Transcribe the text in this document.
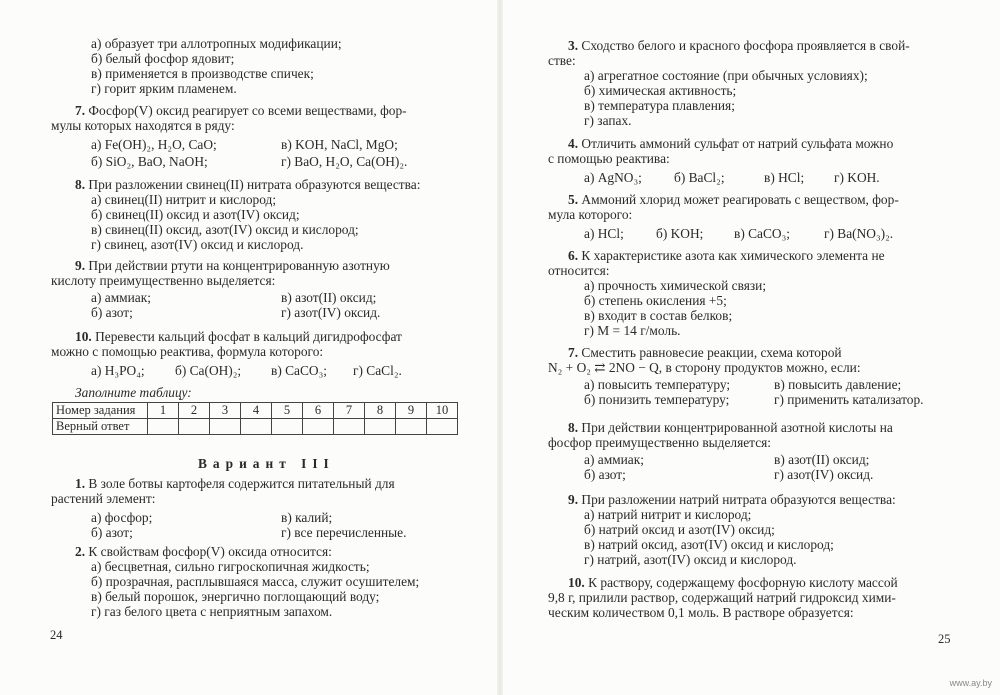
а) образует три аллотропных модификации;
б) белый фосфор ядовит;
в) применяется в производстве спичек;
г) горит ярким пламенем.
7. Фосфор(V) оксид реагирует со всеми веществами, фор-
мулы которых находятся в ряду:
а) Fe(OH)₂, H₂O, CaO;	в) KOH, NaCl, MgO;
б) SiO₂, BaO, NaOH;	г) BaO, H₂O, Ca(OH)₂.
8. При разложении свинец(II) нитрата образуются вещества:
а) свинец(II) нитрит и кислород;
б) свинец(II) оксид и азот(IV) оксид;
в) свинец(II) оксид, азот(IV) оксид и кислород;
г) свинец, азот(IV) оксид и кислород.
9. При действии ртути на концентрированную азотную
кислоту преимущественно выделяется:
а) аммиак;	в) азот(II) оксид;
б) азот;	г) азот(IV) оксид.
10. Перевести кальций фосфат в кальций дигидрофосфат
можно с помощью реактива, формула которого:
а) H₃PO₄;	б) Ca(OH)₂;	в) CaCO₃;	г) CaCl₂.
Заполните таблицу:
Номер задания	1	2	3	4	5	6	7	8	9	10
Верный ответ										
Вариант III
1. В золе ботвы картофеля содержится питательный для
растений элемент:
а) фосфор;	в) калий;
б) азот;	г) все перечисленные.
2. К свойствам фосфор(V) оксида относится:
а) бесцветная, сильно гигроскопичная жидкость;
б) прозрачная, расплывшаяся масса, служит осушителем;
в) белый порошок, энергично поглощающий воду;
г) газ белого цвета с неприятным запахом.
24
3. Сходство белого и красного фосфора проявляется в свой-
стве:
а) агрегатное состояние (при обычных условиях);
б) химическая активность;
в) температура плавления;
г) запах.
4. Отличить аммоний сульфат от натрий сульфата можно
с помощью реактива:
а) AgNO₃;	б) BaCl₂;	в) HCl;	г) KOH.
5. Аммоний хлорид может реагировать с веществом, фор-
мула которого:
а) HCl;	б) KOH;	в) CaCO₃;	г) Ba(NO₃)₂.
6. К характеристике азота как химического элемента не
относится:
а) прочность химической связи;
б) степень окисления +5;
в) входит в состав белков;
г) M = 14 г/моль.
7. Сместить равновесие реакции, схема которой
N₂ + O₂ ⇄ 2NO − Q, в сторону продуктов можно, если:
а) повысить температуру;	в) повысить давление;
б) понизить температуру;	г) применить катализатор.
8. При действии концентрированной азотной кислоты на
фосфор преимущественно выделяется:
а) аммиак;	в) азот(II) оксид;
б) азот;	г) азот(IV) оксид.
9. При разложении натрий нитрата образуются вещества:
а) натрий нитрит и кислород;
б) натрий оксид и азот(IV) оксид;
в) натрий оксид, азот(IV) оксид и кислород;
г) натрий, азот(IV) оксид и кислород.
10. К раствору, содержащему фосфорную кислоту массой
9,8 г, прилили раствор, содержащий натрий гидроксид хими-
ческим количеством 0,1 моль. В растворе образуется:
25
www.ay.by
